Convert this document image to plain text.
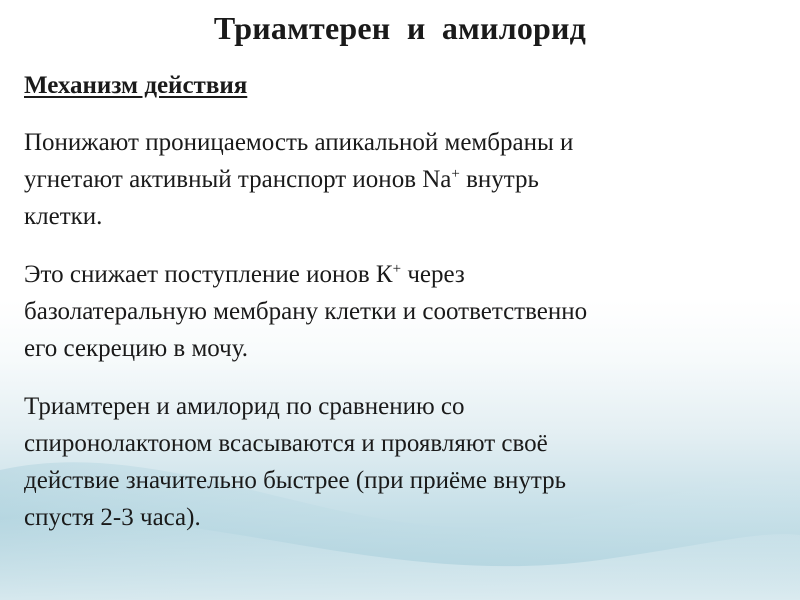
Триамтерен  и  амилорид
Механизм действия

Понижают проницаемость апикальной мембраны и
угнетают активный транспорт ионов Na+ внутрь
клетки.

Это снижает поступление ионов К+ через
базолатеральную мембрану клетки и соответственно
его секрецию в мочу.

Триамтерен и амилорид по сравнению со
спиронолактоном всасываются и проявляют своё
действие значительно быстрее (при приёме внутрь
спустя 2-3 часа).
